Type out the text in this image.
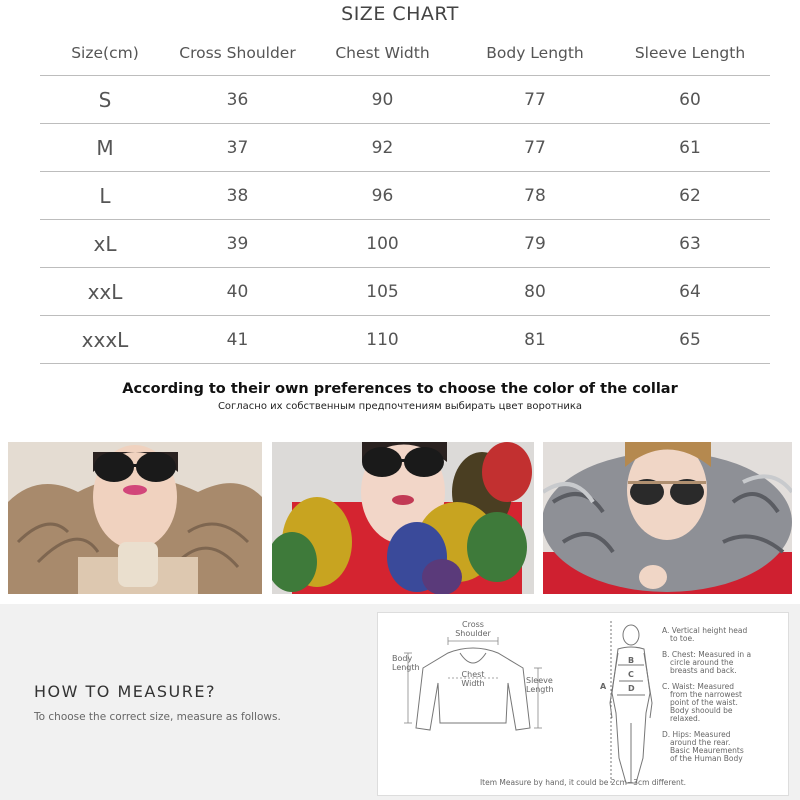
SIZE CHART
Size(cm)	Cross Shoulder	Chest Width	Body Length	Sleeve Length
S	36	90	77	60
M	37	92	77	61
L	38	96	78	62
xL	39	100	79	63
xxL	40	105	80	64
xxxL	41	110	81	65
According to their own preferences to choose the color of the collar
Согласно их собственным предпочтениям выбирать цвет воротника
HOW TO MEASURE?
To choose the correct size, measure as follows.
Cross
Shoulder
Body
Length
Chest
Width	Sleeve
Length	A
B
C
D
A. Vertical height head
to toe.
B. Chest: Measured in a
circle around the
breasts and back.
C. Waist: Measured
from the narrowest
point of the waist.
Body shoould be
relaxed.
D. Hips: Measured
around the rear.
Basic Meaurements
of the Human Body
Item Measure by hand, it could be 2cm~3cm different.
